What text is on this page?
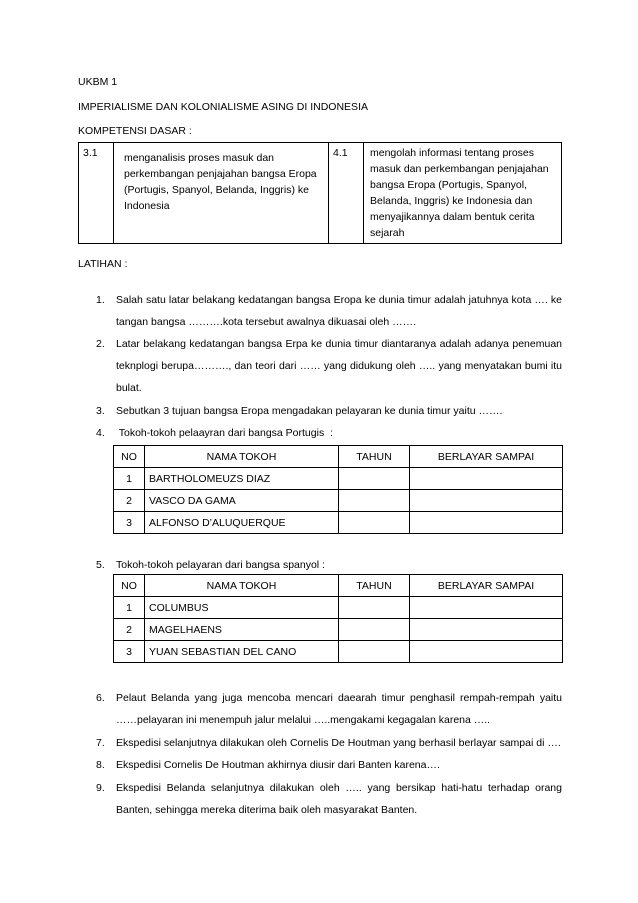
UKBM 1
IMPERIALISME DAN KOLONIALISME ASING DI INDONESIA
KOMPETENSI DASAR :
3.1	menganalisis proses masuk dan perkembangan penjajahan bangsa Eropa (Portugis, Spanyol, Belanda, Inggris) ke Indonesia	4.1	mengolah informasi tentang proses masuk dan perkembangan penjajahan bangsa Eropa (Portugis, Spanyol, Belanda, Inggris) ke Indonesia dan menyajikannya dalam bentuk cerita sejarah
LATIHAN :
1. Salah satu latar belakang kedatangan bangsa Eropa ke dunia timur adalah jatuhnya kota …. ke tangan bangsa ……….kota tersebut awalnya dikuasai oleh …….
2. Latar belakang kedatangan bangsa Erpa ke dunia timur diantaranya adalah adanya penemuan teknplogi berupa………., dan teori dari …… yang didukung oleh ….. yang menyatakan bumi itu bulat.
3. Sebutkan 3 tujuan bangsa Eropa mengadakan pelayaran ke dunia timur yaitu …….
4. Tokoh-tokoh pelaayran dari bangsa Portugis  :
NO	NAMA TOKOH	TAHUN	BERLAYAR SAMPAI
1	BARTHOLOMEUZS DIAZ		
2	VASCO DA GAMA		
3	ALFONSO D’ALUQUERQUE		
5. Tokoh-tokoh pelayaran dari bangsa spanyol :
NO	NAMA TOKOH	TAHUN	BERLAYAR SAMPAI
1	COLUMBUS		
2	MAGELHAENS		
3	YUAN SEBASTIAN DEL CANO		
6. Pelaut Belanda yang juga mencoba mencari daearah timur penghasil rempah-rempah yaitu ……pelayaran ini menempuh jalur melalui …..mengakami kegagalan karena …..
7. Ekspedisi selanjutnya dilakukan oleh Cornelis De Houtman yang berhasil berlayar sampai di ….
8. Ekspedisi Cornelis De Houtman akhirnya diusir dari Banten karena….
9. Ekspedisi Belanda selanjutnya dilakukan oleh ….. yang bersikap hati-hatu terhadap orang Banten, sehingga mereka diterima baik oleh masyarakat Banten.
